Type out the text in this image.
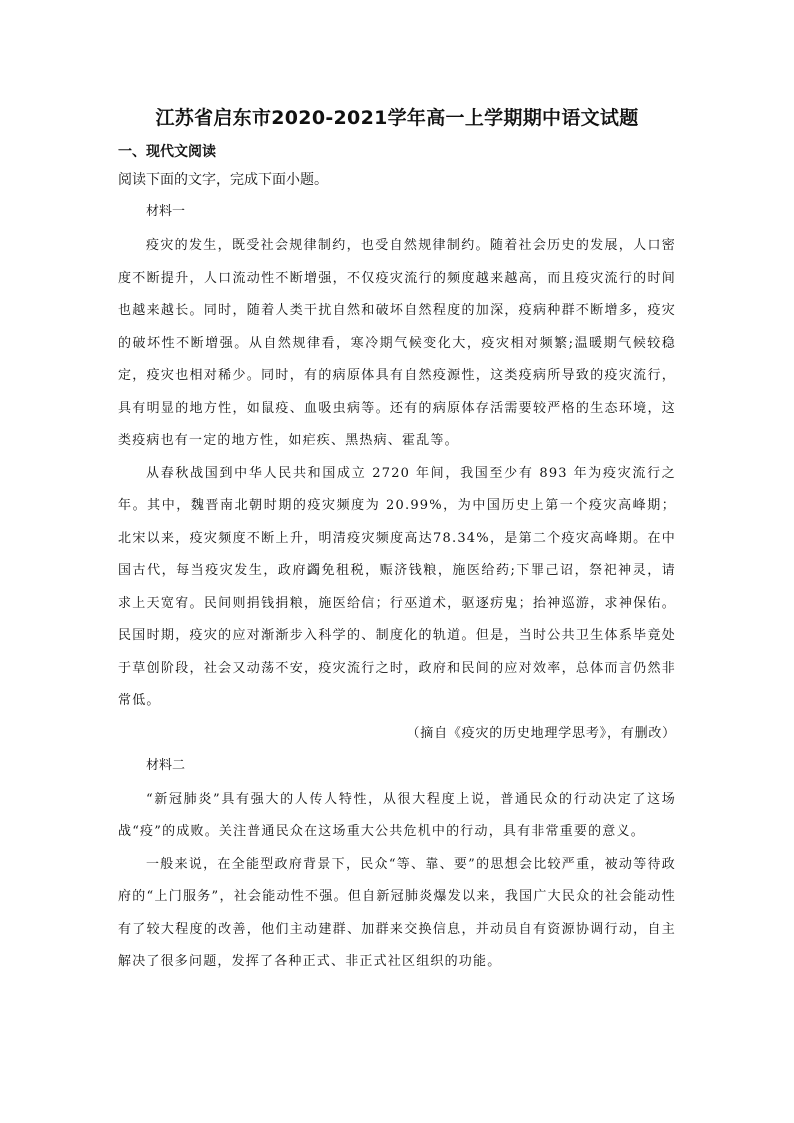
江苏省启东市2020-2021学年高一上学期期中语文试题
一、现代文阅读
阅读下面的文字，完成下面小题。
材料一

疫灾的发生，既受社会规律制约，也受自然规律制约。随着社会历史的发展，人口密度不断提升，人口流动性不断增强，不仅疫灾流行的频度越来越高，而且疫灾流行的时间也越来越长。同时，随着人类干扰自然和破坏自然程度的加深，疫病种群不断增多，疫灾的破坏性不断增强。从自然规律看，寒冷期气候变化大，疫灾相对频繁;温暖期气候较稳定，疫灾也相对稀少。同时，有的病原体具有自然疫源性，这类疫病所导致的疫灾流行，具有明显的地方性，如鼠疫、血吸虫病等。还有的病原体存活需要较严格的生态环境，这类疫病也有一定的地方性，如疟疾、黑热病、霍乱等。

从春秋战国到中华人民共和国成立 2720 年间，我国至少有 893 年为疫灾流行之年。其中，魏晋南北朝时期的疫灾频度为 20.99%，为中国历史上第一个疫灾高峰期；北宋以来，疫灾频度不断上升，明清疫灾频度高达78.34%，是第二个疫灾高峰期。在中国古代，每当疫灾发生，政府蠲免租税，赈济钱粮，施医给药;下罪己诏，祭祀神灵，请求上天宽宥。民间则捐钱捐粮，施医给信；行巫道术，驱逐疠鬼；抬神巡游，求神保佑。民国时期，疫灾的应对渐渐步入科学的、制度化的轨道。但是，当时公共卫生体系毕竟处于草创阶段，社会又动荡不安，疫灾流行之时，政府和民间的应对效率，总体而言仍然非常低。

（摘自《疫灾的历史地理学思考》，有删改）
材料二

“新冠肺炎”具有强大的人传人特性，从很大程度上说，普通民众的行动决定了这场战“疫”的成败。关注普通民众在这场重大公共危机中的行动，具有非常重要的意义。

一般来说，在全能型政府背景下，民众“等、靠、要”的思想会比较严重，被动等待政府的“上门服务”，社会能动性不强。但自新冠肺炎爆发以来，我国广大民众的社会能动性有了较大程度的改善，他们主动建群、加群来交换信息，并动员自有资源协调行动，自主解决了很多问题，发挥了各种正式、非正式社区组织的功能。
